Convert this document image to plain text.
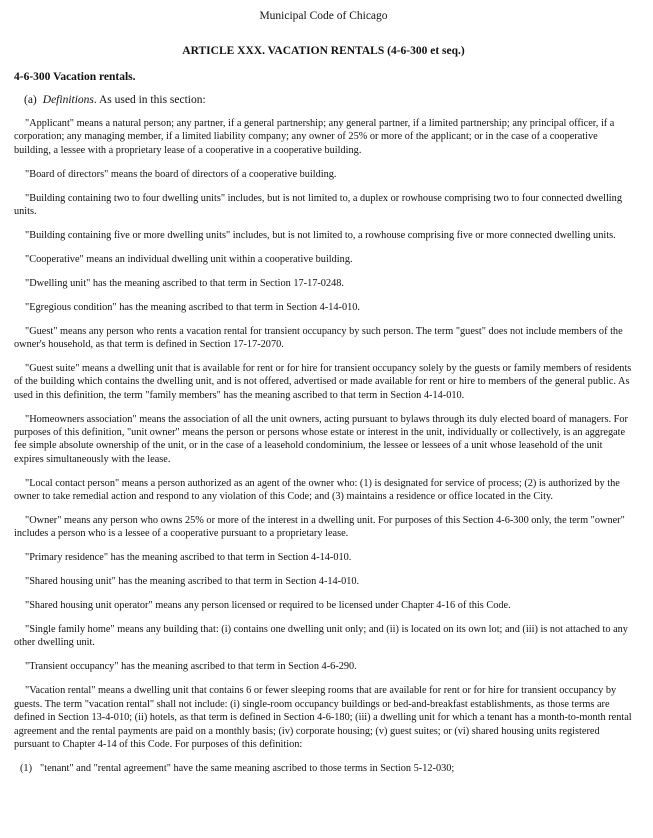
Municipal Code of Chicago
ARTICLE XXX. VACATION RENTALS (4-6-300 et seq.)
4-6-300 Vacation rentals.
(a) Definitions. As used in this section:

"Applicant" means a natural person; any partner, if a general partnership; any general partner, if a limited partnership; any principal officer, if a corporation; any managing member, if a limited liability company; any owner of 25% or more of the applicant; or in the case of a cooperative building, a lessee with a proprietary lease of a cooperative in a cooperative building.

"Board of directors" means the board of directors of a cooperative building.

"Building containing two to four dwelling units" includes, but is not limited to, a duplex or rowhouse comprising two to four connected dwelling units.

"Building containing five or more dwelling units" includes, but is not limited to, a rowhouse comprising five or more connected dwelling units.

"Cooperative" means an individual dwelling unit within a cooperative building.

"Dwelling unit" has the meaning ascribed to that term in Section 17-17-0248.

"Egregious condition" has the meaning ascribed to that term in Section 4-14-010.

"Guest" means any person who rents a vacation rental for transient occupancy by such person. The term "guest" does not include members of the owner's household, as that term is defined in Section 17-17-2070.

"Guest suite" means a dwelling unit that is available for rent or for hire for transient occupancy solely by the guests or family members of residents of the building which contains the dwelling unit, and is not offered, advertised or made available for rent or hire to members of the general public. As used in this definition, the term "family members" has the meaning ascribed to that term in Section 4-14-010.

"Homeowners association" means the association of all the unit owners, acting pursuant to bylaws through its duly elected board of managers. For purposes of this definition, "unit owner" means the person or persons whose estate or interest in the unit, individually or collectively, is an aggregate fee simple absolute ownership of the unit, or in the case of a leasehold condominium, the lessee or lessees of a unit whose leasehold of the unit expires simultaneously with the lease.

"Local contact person" means a person authorized as an agent of the owner who: (1) is designated for service of process; (2) is authorized by the owner to take remedial action and respond to any violation of this Code; and (3) maintains a residence or office located in the City.

"Owner" means any person who owns 25% or more of the interest in a dwelling unit. For purposes of this Section 4-6-300 only, the term "owner" includes a person who is a lessee of a cooperative pursuant to a proprietary lease.

"Primary residence" has the meaning ascribed to that term in Section 4-14-010.

"Shared housing unit" has the meaning ascribed to that term in Section 4-14-010.

"Shared housing unit operator" means any person licensed or required to be licensed under Chapter 4-16 of this Code.

"Single family home" means any building that: (i) contains one dwelling unit only; and (ii) is located on its own lot; and (iii) is not attached to any other dwelling unit.

"Transient occupancy" has the meaning ascribed to that term in Section 4-6-290.

"Vacation rental" means a dwelling unit that contains 6 or fewer sleeping rooms that are available for rent or for hire for transient occupancy by guests. The term "vacation rental" shall not include: (i) single-room occupancy buildings or bed-and-breakfast establishments, as those terms are defined in Section 13-4-010; (ii) hotels, as that term is defined in Section 4-6-180; (iii) a dwelling unit for which a tenant has a month-to-month rental agreement and the rental payments are paid on a monthly basis; (iv) corporate housing; (v) guest suites; or (vi) shared housing units registered pursuant to Chapter 4-14 of this Code. For purposes of this definition:

(1) "tenant" and "rental agreement" have the same meaning ascribed to those terms in Section 5-12-030;
